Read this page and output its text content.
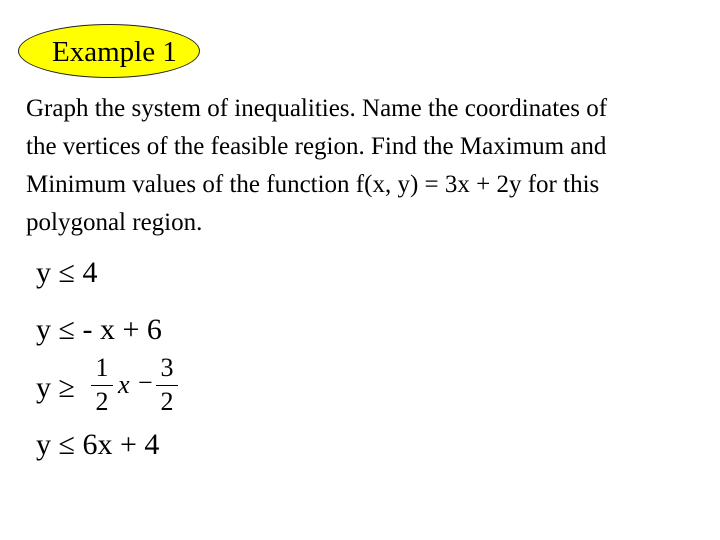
Example 1
Graph the system of inequalities. Name the coordinates of
the vertices of the feasible region. Find the Maximum and
Minimum values of the function f(x, y) = 3x + 2y for this
polygonal region.
y ≤ 4
y ≤ - x + 6
y ≥
1
2
x −
3
2
y ≤ 6x + 4
